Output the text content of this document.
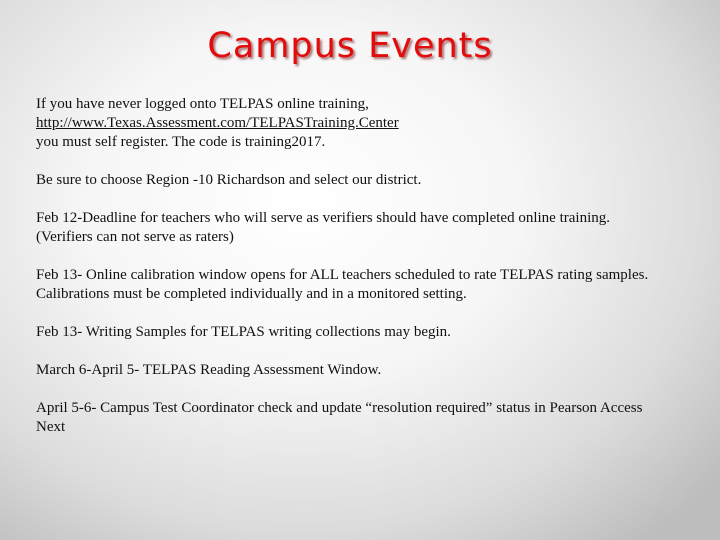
Campus Events

If you have never logged onto TELPAS online training,
http://www.Texas.Assessment.com/TELPASTraining.Center
you must self register. The code is training2017.

Be sure to choose Region -10 Richardson and select our district.

Feb 12-Deadline for teachers who will serve as verifiers should have completed online training.
(Verifiers can not serve as raters)

Feb 13- Online calibration window opens for ALL teachers scheduled to rate TELPAS rating samples.
Calibrations must be completed individually and in a monitored setting.

Feb 13- Writing Samples for TELPAS writing collections may begin.

March 6-April 5- TELPAS Reading Assessment Window.

April 5-6- Campus Test Coordinator check and update “resolution required” status in Pearson Access
Next
